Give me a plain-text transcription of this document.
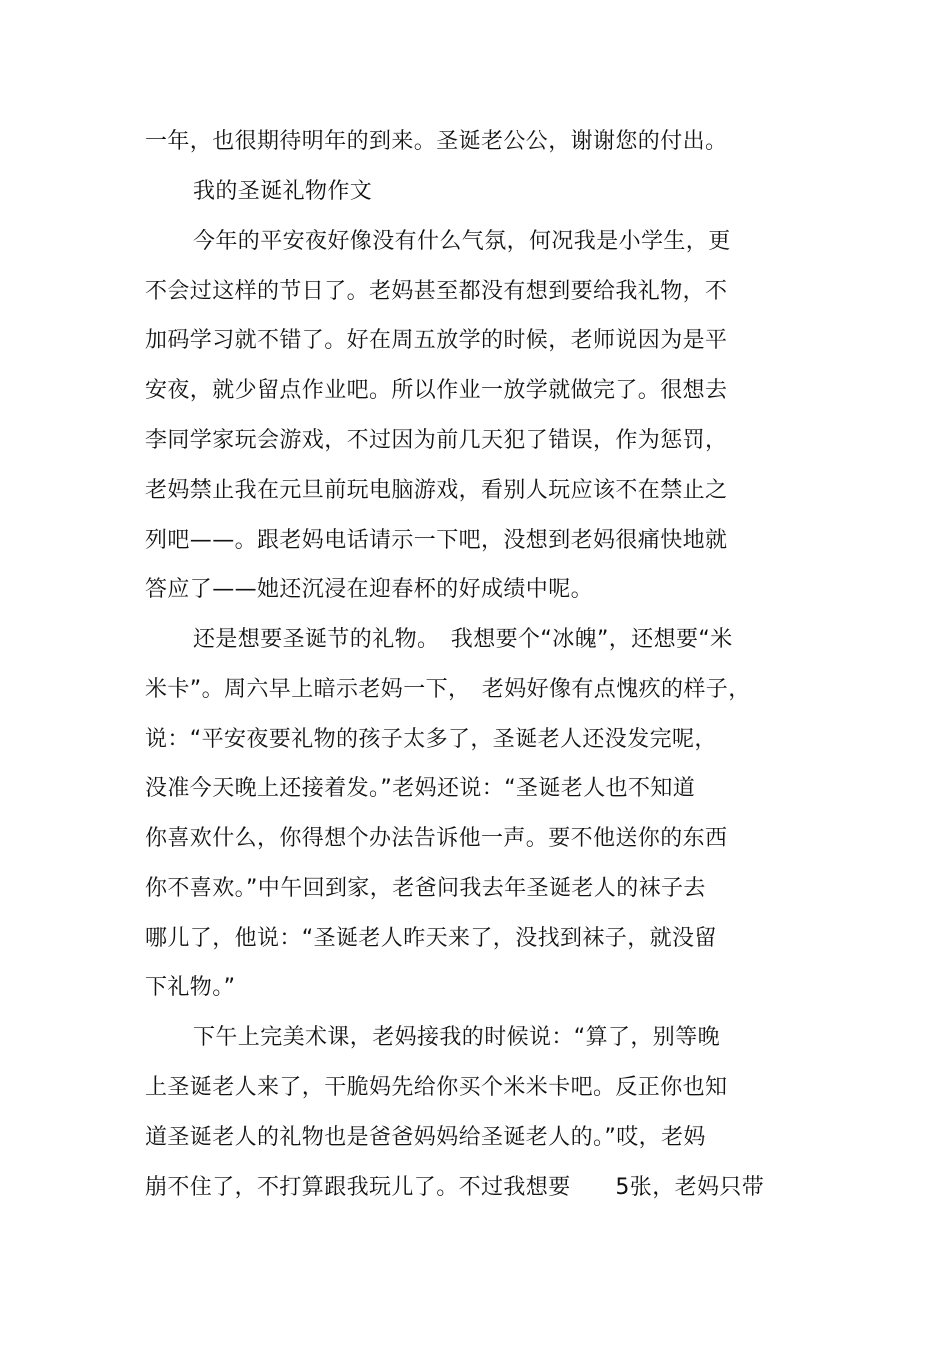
一年，也很期待明年的到来。圣诞老公公，谢谢您的付出。
我的圣诞礼物作文
今年的平安夜好像没有什么气氛，何况我是小学生，更
不会过这样的节日了。老妈甚至都没有想到要给我礼物，不
加码学习就不错了。好在周五放学的时候，老师说因为是平
安夜，就少留点作业吧。所以作业一放学就做完了。很想去
李同学家玩会游戏，不过因为前几天犯了错误，作为惩罚，
老妈禁止我在元旦前玩电脑游戏，看别人玩应该不在禁止之
列吧——。跟老妈电话请示一下吧，没想到老妈很痛快地就
答应了——她还沉浸在迎春杯的好成绩中呢。
还是想要圣诞节的礼物。　我想要个“冰魄”，还想要“米
米卡”。周六早上暗示老妈一下，　老妈好像有点愧疚的样子，
说：“平安夜要礼物的孩子太多了，圣诞老人还没发完呢，
没准今天晚上还接着发。”老妈还说：“圣诞老人也不知道
你喜欢什么，你得想个办法告诉他一声。要不他送你的东西
你不喜欢。”中午回到家，老爸问我去年圣诞老人的袜子去
哪儿了，他说：“圣诞老人昨天来了，没找到袜子，就没留
下礼物。”
下午上完美术课，老妈接我的时候说：“算了，别等晚
上圣诞老人来了，干脆妈先给你买个米米卡吧。反正你也知
道圣诞老人的礼物也是爸爸妈妈给圣诞老人的。”哎，老妈
崩不住了，不打算跟我玩儿了。不过我想要　　5张，老妈只带
